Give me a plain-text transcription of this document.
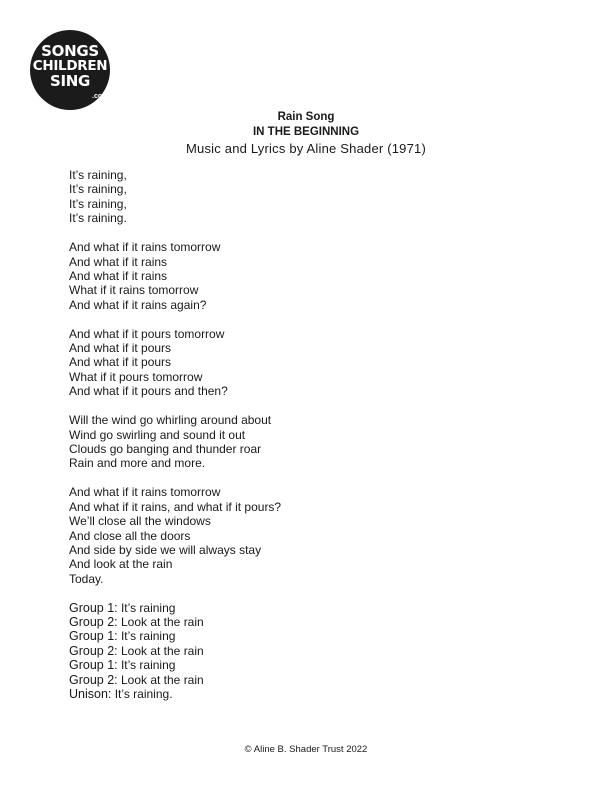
SONGS
CHILDREN
SING
.com
Rain Song
IN THE BEGINNING
Music and Lyrics by Aline Shader (1971)
It’s raining,
It’s raining,
It’s raining,
It’s raining.
And what if it rains tomorrow
And what if it rains
And what if it rains
What if it rains tomorrow
And what if it rains again?
And what if it pours tomorrow
And what if it pours
And what if it pours
What if it pours tomorrow
And what if it pours and then?
Will the wind go whirling around about
Wind go swirling and sound it out
Clouds go banging and thunder roar
Rain and more and more.
And what if it rains tomorrow
And what if it rains, and what if it pours?
We’ll close all the windows
And close all the doors
And side by side we will always stay
And look at the rain
Today.
Group 1: It’s raining
Group 2: Look at the rain
Group 1: It’s raining
Group 2: Look at the rain
Group 1: It’s raining
Group 2: Look at the rain
Unison: It’s raining.
© Aline B. Shader Trust 2022
